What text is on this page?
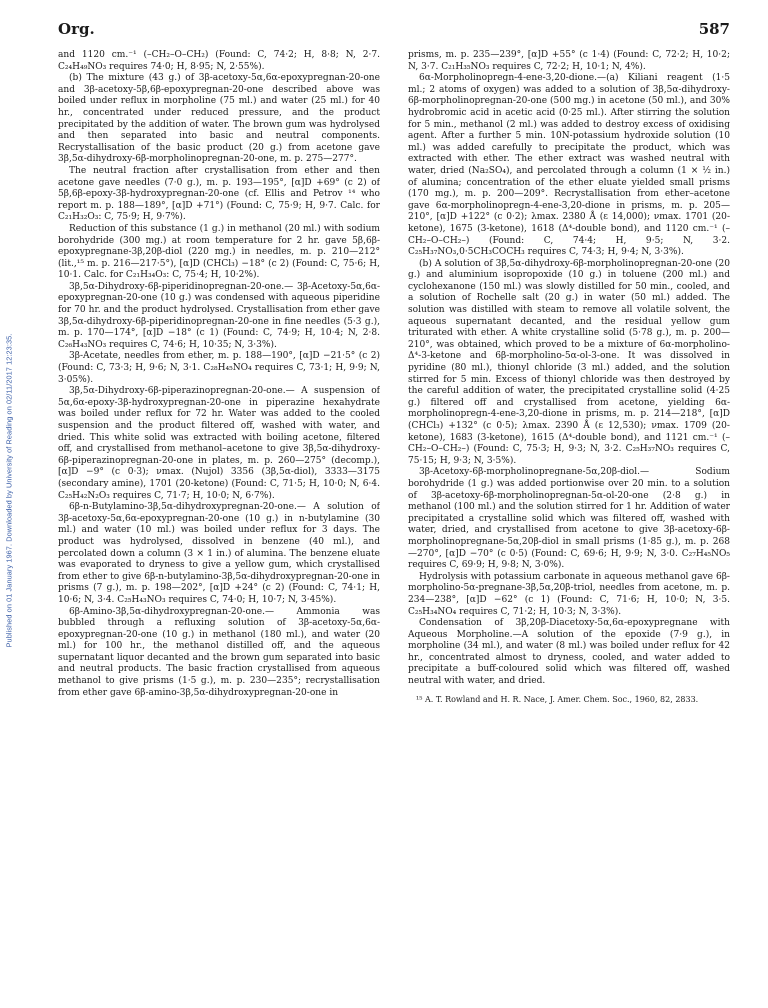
Published on 01 January 1967. Downloaded by University of Reading on 02/11/2017 12:23:35.
Org.	587

and 1120 cm.⁻¹ (–CH₂–O–CH₂) (Found: C, 74·2; H, 8·8; N, 2·7. C₂₄H₄₉NO₃ requires 74·0; H, 8·95; N, 2·55%).

(b) The mixture (43 g.) of 3β-acetoxy-5α,6α-epoxypregnan-20-one and 3β-acetoxy-5β,6β-epoxypregnan-20-one described above was boiled under reflux in morpholine (75 ml.) and water (25 ml.) for 40 hr., concentrated under reduced pressure, and the product precipitated by the addition of water. The brown gum was hydrolysed and then separated into basic and neutral components. Recrystallisation of the basic product (20 g.) from acetone gave 3β,5α-dihydroxy-6β-morpholinopregnan-20-one, m. p. 275—277°.

The neutral fraction after crystallisation from ether and then acetone gave needles (7·0 g.), m. p. 193—195°, [α]D +69° (c 2) of 5β,6β-epoxy-3β-hydroxypregnan-20-one (cf. Ellis and Petrov ¹⁴ who report m. p. 188—189°, [α]D +71°) (Found: C, 75·9; H, 9·7. Calc. for C₂₁H₃₂O₃: C, 75·9; H, 9·7%).

Reduction of this substance (1 g.) in methanol (20 ml.) with sodium borohydride (300 mg.) at room temperature for 2 hr. gave 5β,6β-epoxypregnane-3β,20β-diol (220 mg.) in needles, m. p. 210—212° (lit.,¹⁵ m. p. 216—217·5°), [α]D (CHCl₃) −18° (c 2) (Found: C, 75·6; H, 10·1. Calc. for C₂₁H₃₄O₃: C, 75·4; H, 10·2%).

3β,5α-Dihydroxy-6β-piperidinopregnan-20-one.— 3β-Acetoxy-5α,6α-epoxypregnan-20-one (10 g.) was condensed with aqueous piperidine for 70 hr. and the product hydrolysed. Crystallisation from ether gave 3β,5α-dihydroxy-6β-piperidinopregnan-20-one in fine needles (5·3 g.), m. p. 170—174°, [α]D −18° (c 1) (Found: C, 74·9; H, 10·4; N, 2·8. C₂₆H₄₃NO₃ requires C, 74·6; H, 10·35; N, 3·3%).

3β-Acetate, needles from ether, m. p. 188—190°, [α]D −21·5° (c 2) (Found: C, 73·3; H, 9·6; N, 3·1. C₂₈H₄₅NO₄ requires C, 73·1; H, 9·9; N, 3·05%).

3β,5α-Dihydroxy-6β-piperazinopregnan-20-one.— A suspension of 5α,6α-epoxy-3β-hydroxypregnan-20-one in piperazine hexahydrate was boiled under reflux for 72 hr. Water was added to the cooled suspension and the product filtered off, washed with water, and dried. This white solid was extracted with boiling acetone, filtered off, and crystallised from methanol–acetone to give 3β,5α-dihydroxy-6β-piperazinopregnan-20-one in plates, m. p. 260—275° (decomp.), [α]D −9° (c 0·3); νmax. (Nujol) 3356 (3β,5α-diol), 3333—3175 (secondary amine), 1701 (20-ketone) (Found: C, 71·5; H, 10·0; N, 6·4. C₂₅H₄₂N₂O₃ requires C, 71·7; H, 10·0; N, 6·7%).

6β-n-Butylamino-3β,5α-dihydroxypregnan-20-one.— A solution of 3β-acetoxy-5α,6α-epoxypregnan-20-one (10 g.) in n-butylamine (30 ml.) and water (10 ml.) was boiled under reflux for 3 days. The product was hydrolysed, dissolved in benzene (40 ml.), and percolated down a column (3 × 1 in.) of alumina. The benzene eluate was evaporated to dryness to give a yellow gum, which crystallised from ether to give 6β-n-butylamino-3β,5α-dihydroxypregnan-20-one in prisms (7 g.), m. p. 198—202°, [α]D +24° (c 2) (Found: C, 74·1; H, 10·6; N, 3·4. C₂₅H₄₃NO₃ requires C, 74·0; H, 10·7; N, 3·45%).

6β-Amino-3β,5α-dihydroxypregnan-20-one.— Ammonia was bubbled through a refluxing solution of 3β-acetoxy-5α,6α-epoxypregnan-20-one (10 g.) in methanol (180 ml.), and water (20 ml.) for 100 hr., the methanol distilled off, and the aqueous supernatant liquor decanted and the brown gum separated into basic and neutral products. The basic fraction crystallised from aqueous methanol to give prisms (1·5 g.), m. p. 230—235°; recrystallisation from ether gave 6β-amino-3β,5α-dihydroxypregnan-20-one in

prisms, m. p. 235—239°, [α]D +55° (c 1·4) (Found: C, 72·2; H, 10·2; N, 3·7. C₂₁H₃₅NO₃ requires C, 72·2; H, 10·1; N, 4%).

6α-Morpholinopregn-4-ene-3,20-dione.—(a) Kiliani reagent (1·5 ml.; 2 atoms of oxygen) was added to a solution of 3β,5α-dihydroxy-6β-morpholinopregnan-20-one (500 mg.) in acetone (50 ml.), and 30% hydrobromic acid in acetic acid (0·25 ml.). After stirring the solution for 5 min., methanol (2 ml.) was added to destroy excess of oxidising agent. After a further 5 min. 10N-potassium hydroxide solution (10 ml.) was added carefully to precipitate the product, which was extracted with ether. The ether extract was washed neutral with water, dried (Na₂SO₄), and percolated through a column (1 × ½ in.) of alumina; concentration of the ether eluate yielded small prisms (170 mg.), m. p. 200—209°. Recrystallisation from ether–acetone gave 6α-morpholinopregn-4-ene-3,20-dione in prisms, m. p. 205—210°, [α]D +122° (c 0·2); λmax. 2380 Å (ε 14,000); νmax. 1701 (20-ketone), 1675 (3-ketone), 1618 (Δ⁴-double bond), and 1120 cm.⁻¹ (–CH₂–O–CH₂–) (Found: C, 74·4; H, 9·5; N, 3·2. C₂₅H₃₇NO₃,0·5CH₃COCH₃ requires C, 74·3; H, 9·4; N, 3·3%).

(b) A solution of 3β,5α-dihydroxy-6β-morpholinopregnan-20-one (20 g.) and aluminium isopropoxide (10 g.) in toluene (200 ml.) and cyclohexanone (150 ml.) was slowly distilled for 50 min., cooled, and a solution of Rochelle salt (20 g.) in water (50 ml.) added. The solution was distilled with steam to remove all volatile solvent, the aqueous supernatant decanted, and the residual yellow gum triturated with ether. A white crystalline solid (5·78 g.), m. p. 200—210°, was obtained, which proved to be a mixture of 6α-morpholino-Δ⁴-3-ketone and 6β-morpholino-5α-ol-3-one. It was dissolved in pyridine (80 ml.), thionyl chloride (3 ml.) added, and the solution stirred for 5 min. Excess of thionyl chloride was then destroyed by the careful addition of water, the precipitated crystalline solid (4·25 g.) filtered off and crystallised from acetone, yielding 6α-morpholinopregn-4-ene-3,20-dione in prisms, m. p. 214—218°, [α]D (CHCl₃) +132° (c 0·5); λmax. 2390 Å (ε 12,530); νmax. 1709 (20-ketone), 1683 (3-ketone), 1615 (Δ⁴-double bond), and 1121 cm.⁻¹ (–CH₂–O–CH₂–) (Found: C, 75·3; H, 9·3; N, 3·2. C₂₅H₃₇NO₃ requires C, 75·15; H, 9·3; N, 3·5%).

3β-Acetoxy-6β-morpholinopregnane-5α,20β-diol.— Sodium borohydride (1 g.) was added portionwise over 20 min. to a solution of 3β-acetoxy-6β-morpholinopregnan-5α-ol-20-one (2·8 g.) in methanol (100 ml.) and the solution stirred for 1 hr. Addition of water precipitated a crystalline solid which was filtered off, washed with water, dried, and crystallised from acetone to give 3β-acetoxy-6β-morpholinopregnane-5α,20β-diol in small prisms (1·85 g.), m. p. 268—270°, [α]D −70° (c 0·5) (Found: C, 69·6; H, 9·9; N, 3·0. C₂₇H₄₅NO₅ requires C, 69·9; H, 9·8; N, 3·0%).

Hydrolysis with potassium carbonate in aqueous methanol gave 6β-morpholino-5α-pregnane-3β,5α,20β-triol, needles from acetone, m. p. 234—238°, [α]D −62° (c 1) (Found: C, 71·6; H, 10·0; N, 3·5. C₂₅H₃₄NO₄ requires C, 71·2; H, 10·3; N, 3·3%).

Condensation of 3β,20β-Diacetoxy-5α,6α-epoxypregnane with Aqueous Morpholine.—A solution of the epoxide (7·9 g.), in morpholine (34 ml.), and water (8 ml.) was boiled under reflux for 42 hr., concentrated almost to dryness, cooled, and water added to precipitate a buff-coloured solid which was filtered off, washed neutral with water, and dried.

¹⁵ A. T. Rowland and H. R. Nace, J. Amer. Chem. Soc., 1960, 82, 2833.
